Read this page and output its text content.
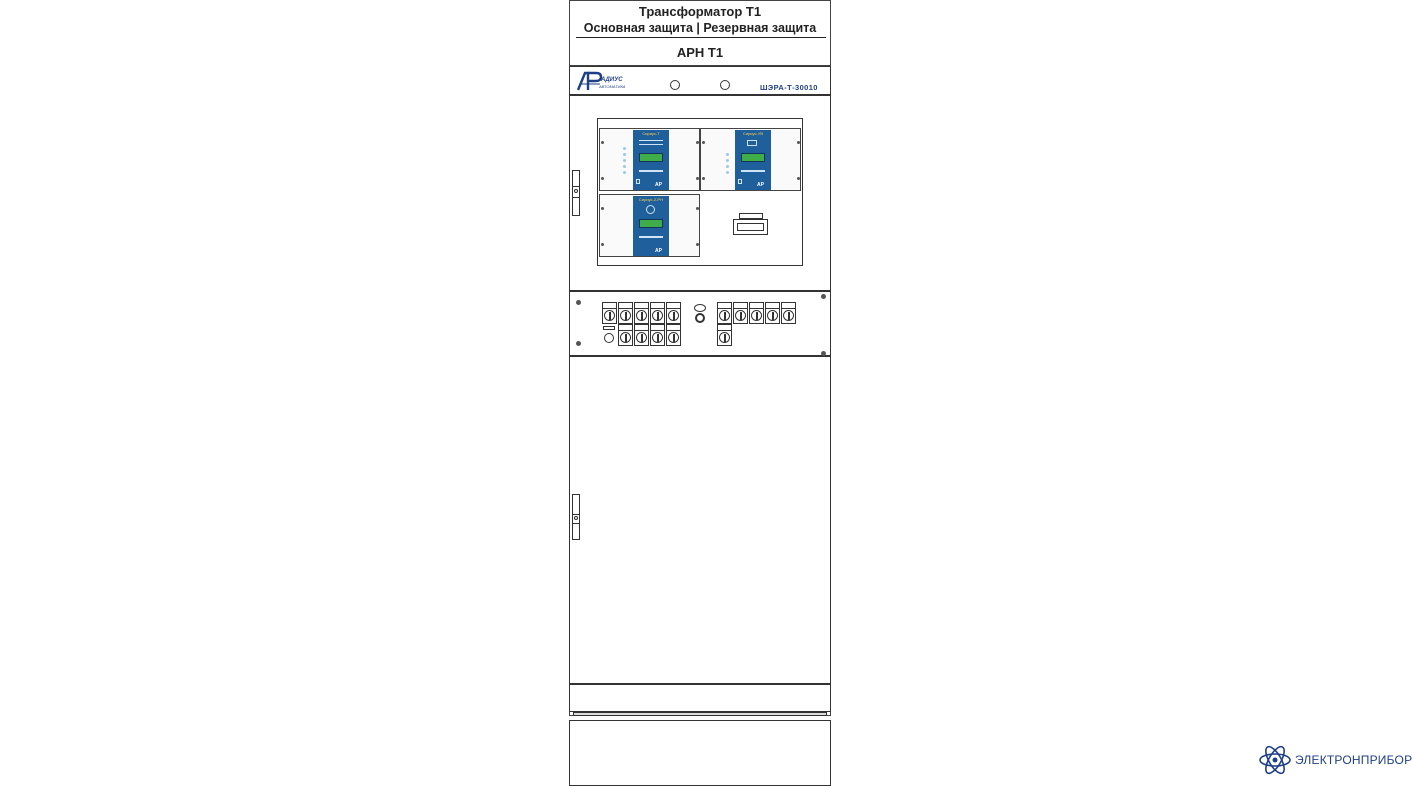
Трансформатор Т1
Основная защита | Резервная защита
АРН Т1
АДИУС
АВТОМАТИКА	ШЭРА-Т-30010
Сириус-Т
AP
Сириус-УВ
AP
Сириус-2-РН
AP
ЭЛЕКТРОНПРИБОР
